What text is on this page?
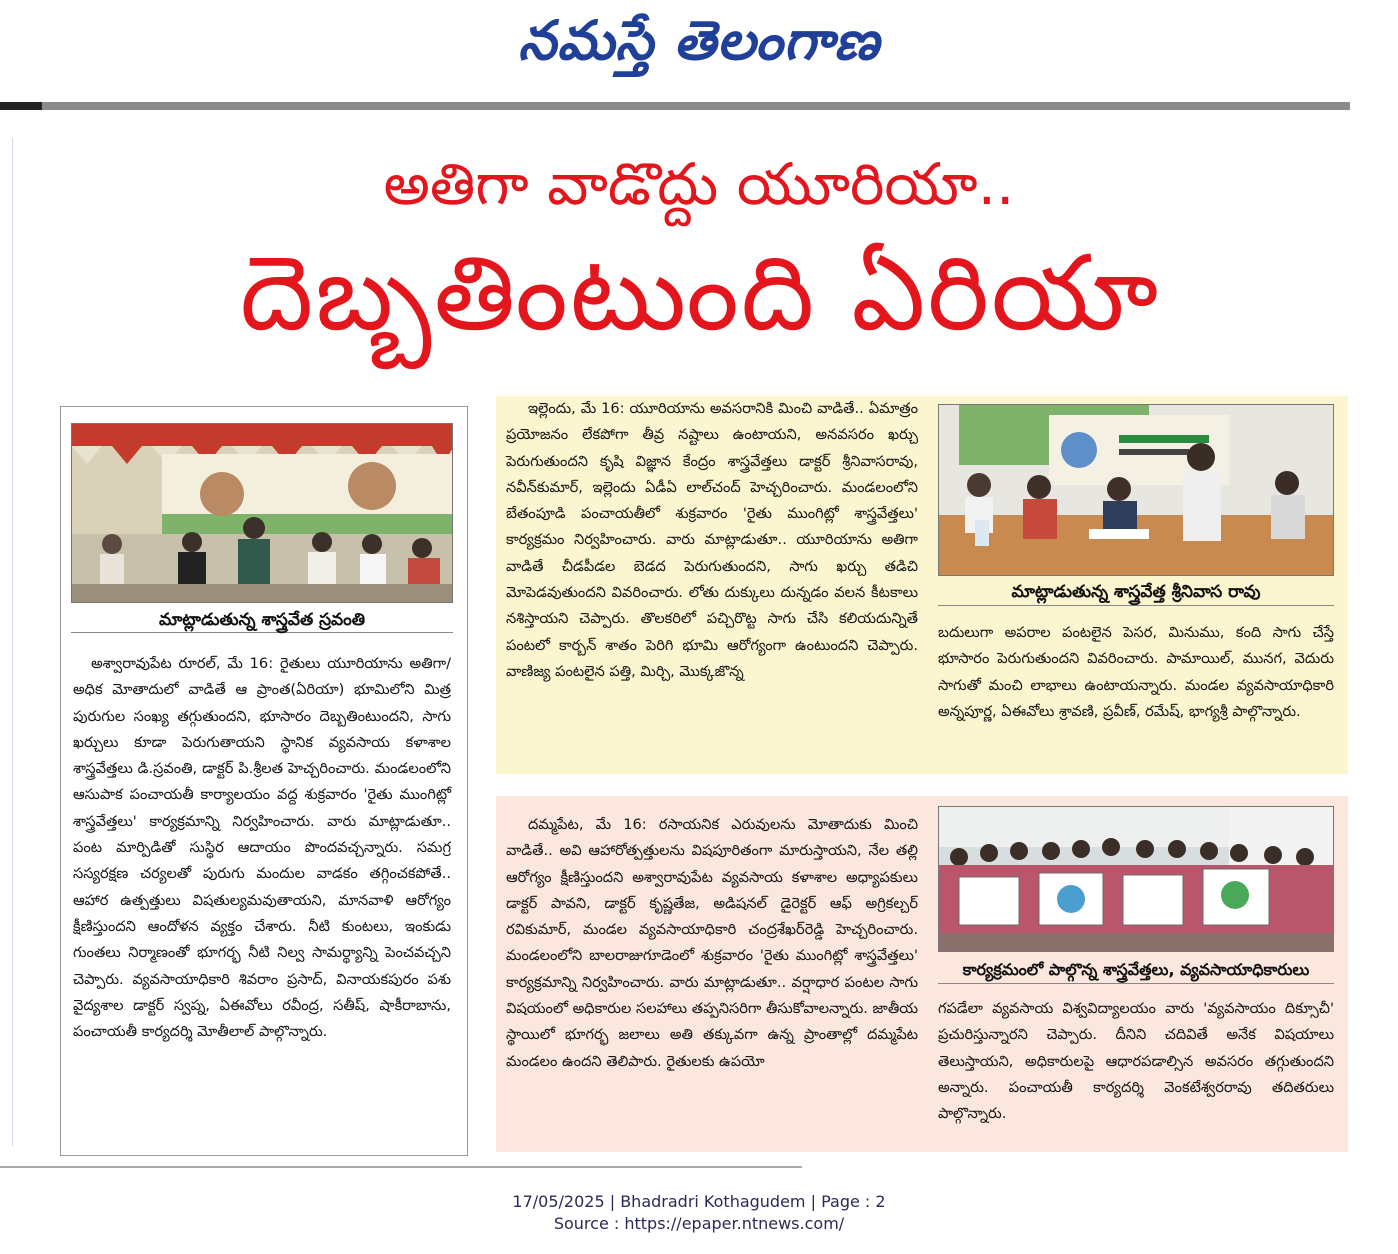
నమస్తే తెలంగాణ
అతిగా వాడొద్దు యూరియా..
దెబ్బతింటుంది ఏరియా
మాట్లాడుతున్న శాస్త్రవేత స్రవంతి

అశ్వారావుపేట రూరల్, మే 16: రైతులు యూరియాను అతిగా/అధిక మోతాదులో వాడితే ఆ ప్రాంత(ఏరియా) భూమిలోని మిత్ర పురుగుల సంఖ్య తగ్గుతుందని, భూసారం దెబ్బతింటుందని, సాగు ఖర్చులు కూడా పెరుగుతాయని స్థానిక వ్యవసాయ కళాశాల శాస్త్రవేత్తలు డి.స్రవంతి, డాక్టర్ పి.శ్రీలత హెచ్చరించారు. మండలంలోని ఆసుపాక పంచాయతీ కార్యాలయం వద్ద శుక్రవారం 'రైతు ముంగిట్లో శాస్త్రవేత్తలు' కార్యక్రమాన్ని నిర్వహించారు. వారు మాట్లాడుతూ.. పంట మార్పిడితో సుస్థిర ఆదాయం పొందవచ్చన్నారు. సమగ్ర సస్యరక్షణ చర్యలతో పురుగు మందుల వాడకం తగ్గించకపోతే.. ఆహార ఉత్పత్తులు విషతుల్యమవుతాయని, మానవాళి ఆరోగ్యం క్షీణిస్తుందని ఆందోళన వ్యక్తం చేశారు. నీటి కుంటలు, ఇంకుడు గుంతలు నిర్మాణంతో భూగర్భ నీటి నిల్వ సామర్థ్యాన్ని పెంచవచ్చని చెప్పారు. వ్యవసాయాధికారి శివరాం ప్రసాద్, వినాయకపురం పశు వైద్యశాల డాక్టర్ స్వప్న, ఏఈవోలు రవీంద్ర, సతీష్, షాకీరాబాను, పంచాయతీ కార్యదర్శి మోతీలాల్ పాల్గొన్నారు.

ఇల్లెందు, మే 16: యూరియాను అవసరానికి మించి వాడితే.. ఏమాత్రం ప్రయోజనం లేకపోగా తీవ్ర నష్టాలు ఉంటాయని, అనవసరం ఖర్చు పెరుగుతుందని కృషి విజ్ఞాన కేంద్రం శాస్త్రవేత్తలు డాక్టర్ శ్రీనివాసరావు, నవీన్‌కుమార్, ఇల్లెందు ఏడీఏ లాల్‌చంద్ హెచ్చరించారు. మండలంలోని బేతంపూడి పంచాయతీలో శుక్రవారం 'రైతు ముంగిట్లో శాస్త్రవేత్తలు' కార్యక్రమం నిర్వహించారు. వారు మాట్లాడుతూ.. యూరియాను అతిగా వాడితే చీడపీడల బెడద పెరుగుతుందని, సాగు ఖర్చు తడిచి మోపెడవుతుందని వివరించారు. లోతు దుక్కులు దున్నడం వలన కీటకాలు నశిస్తాయని చెప్పారు. తొలకరిలో పచ్చిరొట్ట సాగు చేసి కలియదున్నితే పంటలో కార్బన్ శాతం పెరిగి భూమి ఆరోగ్యంగా ఉంటుందని చెప్పారు. వాణిజ్య పంటలైన పత్తి, మిర్చి, మొక్కజొన్న

మాట్లాడుతున్న శాస్త్రవేత్త శ్రీనివాస రావు

బదులుగా అపరాల పంటలైన పెసర, మినుము, కంది సాగు చేస్తే భూసారం పెరుగుతుందని వివరించారు. పామాయిల్, మునగ, వెదురు సాగుతో మంచి లాభాలు ఉంటాయన్నారు. మండల వ్యవసాయాధికారి అన్నపూర్ణ, ఏఈవోలు శ్రావణి, ప్రవీణ్, రమేష్, భాగ్యశ్రీ పాల్గొన్నారు.

దమ్మపేట, మే 16: రసాయనిక ఎరువులను మోతాదుకు మించి వాడితే.. అవి ఆహారోత్పత్తులను విషపూరితంగా మారుస్తాయని, నేల తల్లి ఆరోగ్యం క్షీణిస్తుందని అశ్వారావుపేట వ్యవసాయ కళాశాల అధ్యాపకులు డాక్టర్ పావని, డాక్టర్ కృష్ణతేజ, అడిషనల్ డైరెక్టర్ ఆఫ్ అగ్రికల్చర్ రవికుమార్, మండల వ్యవసాయాధికారి చంద్రశేఖర్‌రెడ్డి హెచ్చరించారు. మండలంలోని బాలరాజుగూడెంలో శుక్రవారం 'రైతు ముంగిట్లో శాస్త్రవేత్తలు' కార్యక్రమాన్ని నిర్వహించారు. వారు మాట్లాడుతూ.. వర్షాధార పంటల సాగు విషయంలో అధికారుల సలహాలు తప్పనిసరిగా తీసుకోవాలన్నారు. జాతీయ స్థాయిలో భూగర్భ జలాలు అతి తక్కువగా ఉన్న ప్రాంతాల్లో దమ్మపేట మండలం ఉందని తెలిపారు. రైతులకు ఉపయో

కార్యక్రమంలో పాల్గొన్న శాస్త్రవేత్తలు, వ్యవసాయాధికారులు

గపడేలా వ్యవసాయ విశ్వవిద్యాలయం వారు 'వ్యవసాయం దిక్సూచీ' ప్రచురిస్తున్నారని చెప్పారు. దీనిని చదివితే అనేక విషయాలు తెలుస్తాయని, అధికారులపై ఆధారపడాల్సిన అవసరం తగ్గుతుందని అన్నారు. పంచాయతీ కార్యదర్శి వెంకటేశ్వరరావు తదితరులు పాల్గొన్నారు.

17/05/2025 | Bhadradri Kothagudem | Page : 2
Source : https://epaper.ntnews.com/
